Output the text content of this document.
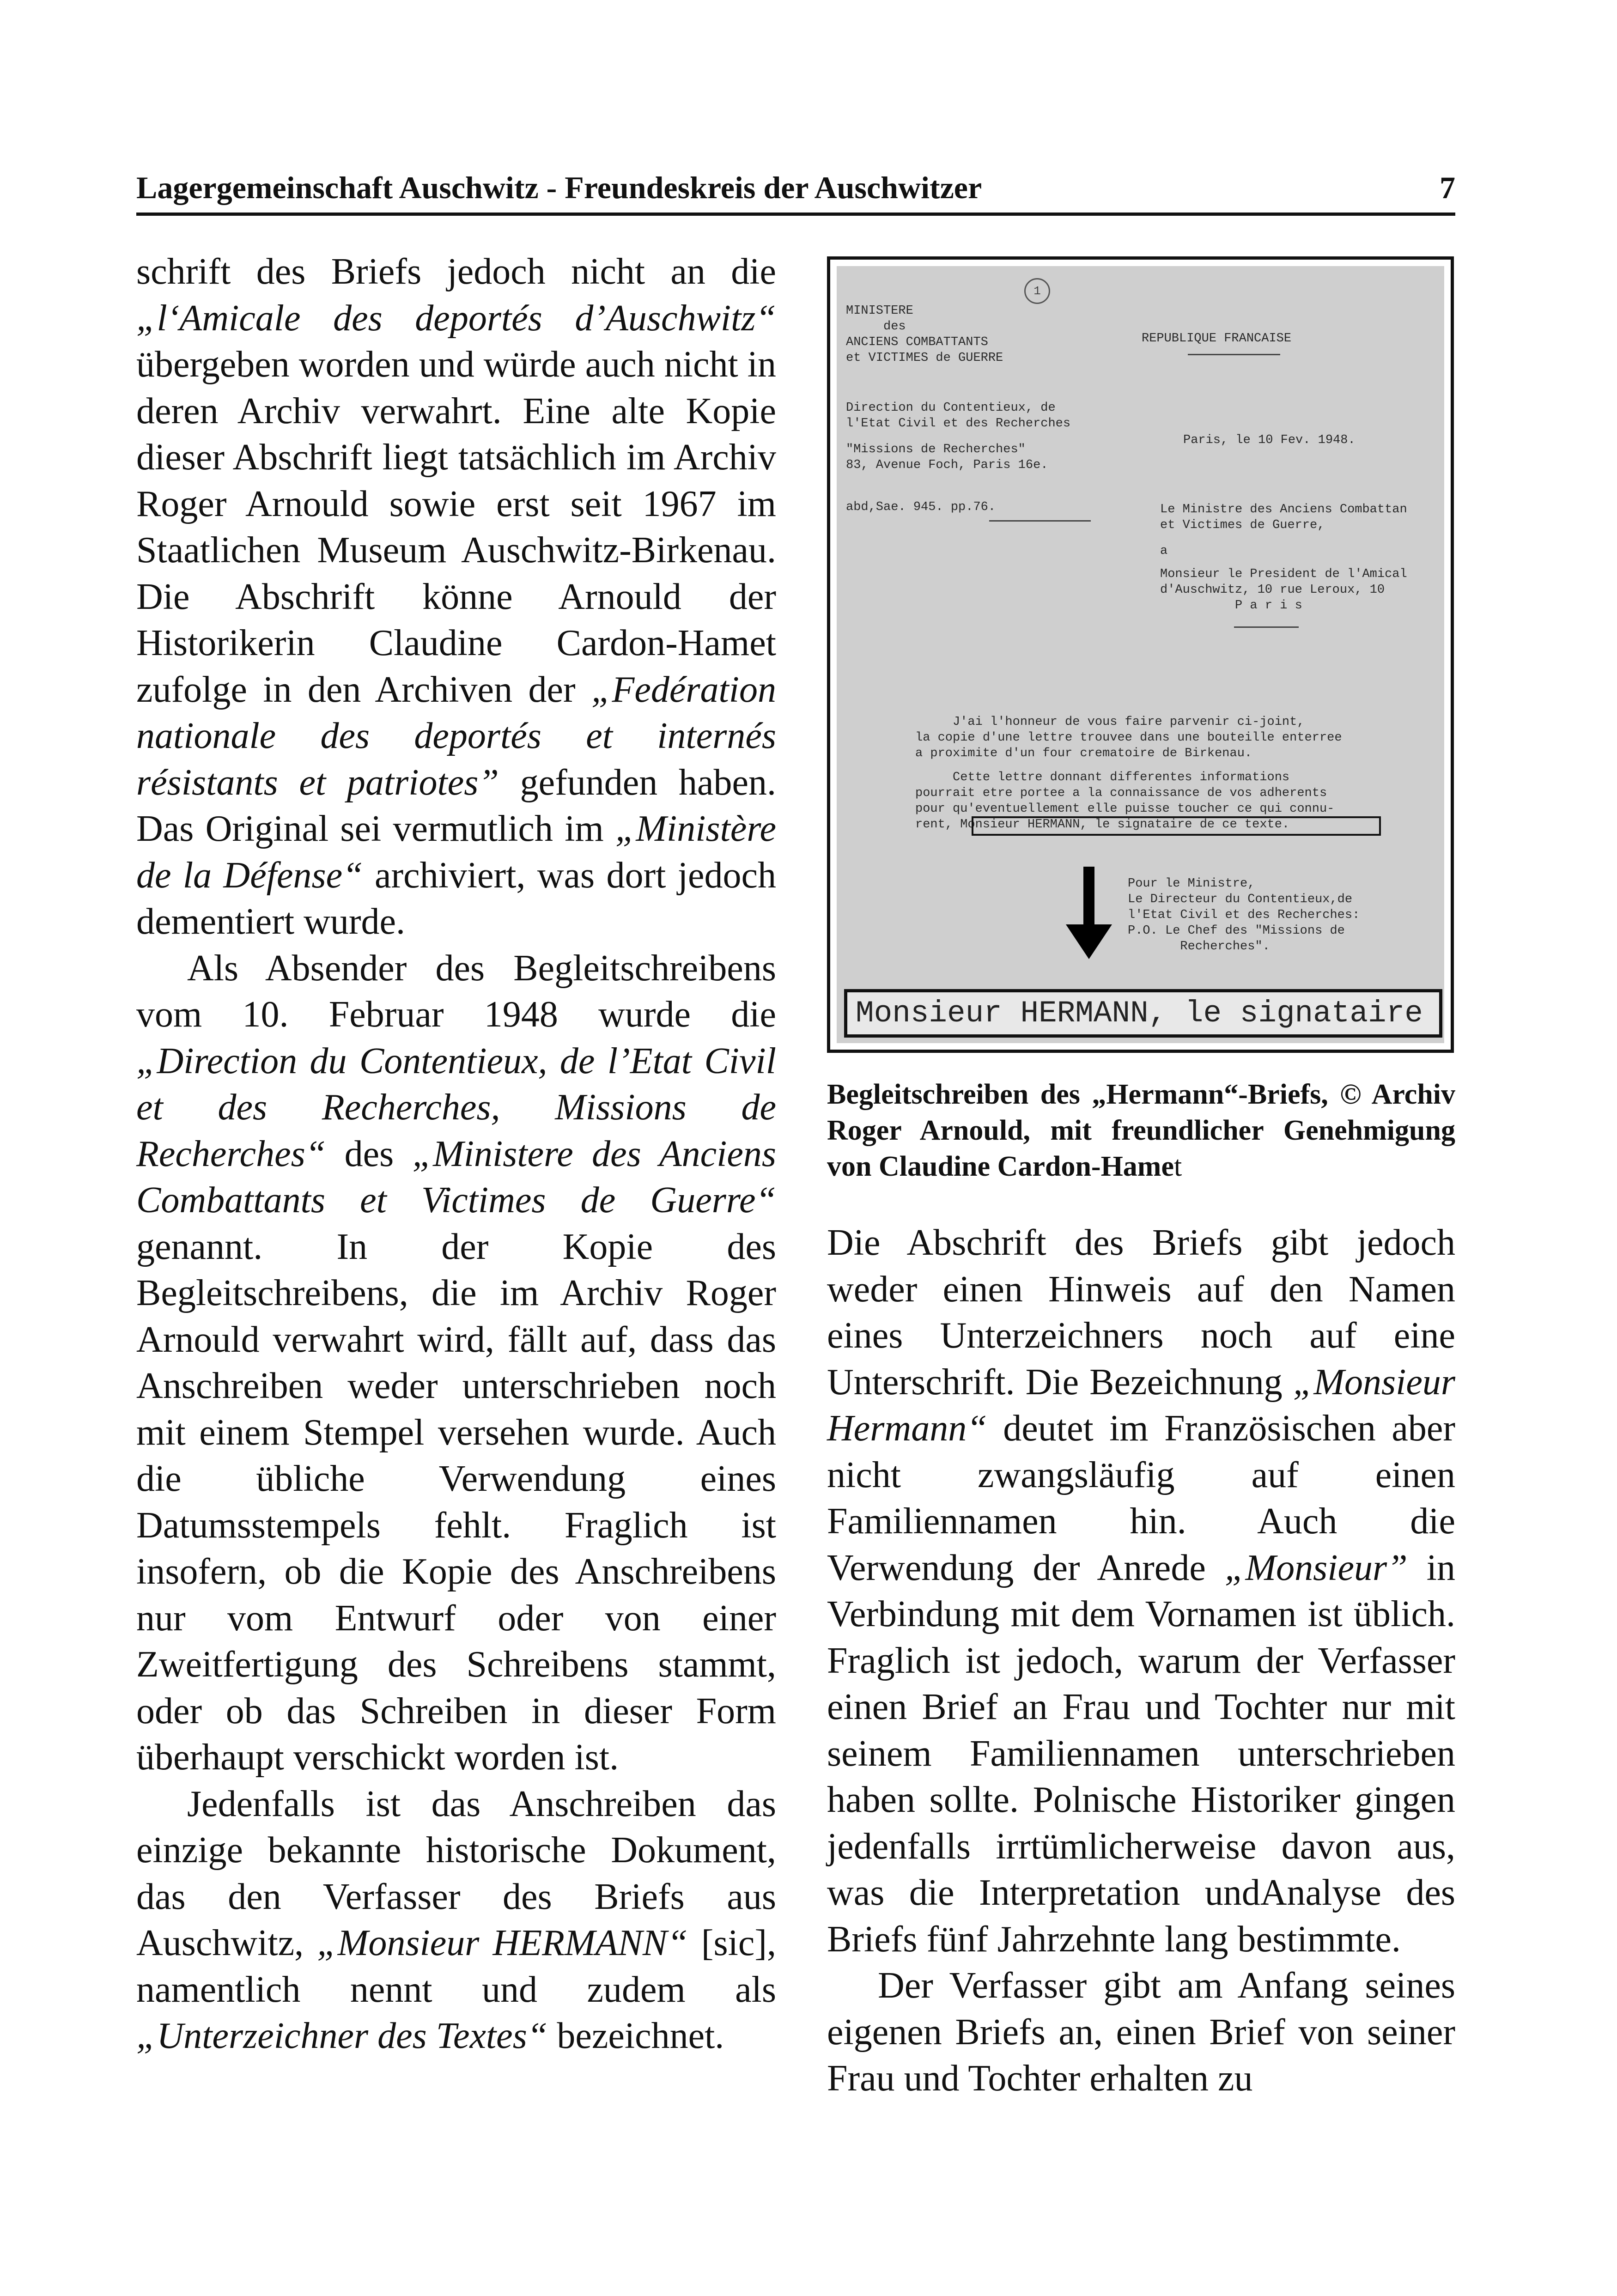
Lagergemeinschaft Auschwitz - Freundeskreis der Auschwitzer	7

schrift des Briefs jedoch nicht an die „l‘Amicale des deportés d’Auschwitz“ übergeben worden und würde auch nicht in deren Archiv verwahrt. Eine alte Kopie dieser Abschrift liegt tatsächlich im Archiv Roger Arnould sowie erst seit 1967 im Staatlichen Museum Auschwitz-Birkenau. Die Abschrift könne Arnould der Historikerin Claudine Cardon-Hamet zufolge in den Archiven der „Fedération nationale des deportés et internés résistants et patriotes” gefunden haben. Das Original sei vermutlich im „Ministère de la Défense“ archiviert, was dort jedoch dementiert wurde.

Als Absender des Begleitschreibens vom 10. Februar 1948 wurde die „Direction du Contentieux, de l’Etat Civil et des Recherches, Missions de Recherches“ des „Ministere des Anciens Combattants et Victimes de Guerre“ genannt. In der Kopie des Begleitschreibens, die im Archiv Roger Arnould verwahrt wird, fällt auf, dass das Anschreiben weder unterschrieben noch mit einem Stempel versehen wurde. Auch die übliche Verwendung eines Datumsstempels fehlt. Fraglich ist insofern, ob die Kopie des Anschreibens nur vom Entwurf oder von einer Zweitfertigung des Schreibens stammt, oder ob das Schreiben in dieser Form überhaupt verschickt worden ist.

Jedenfalls ist das Anschreiben das einzige bekannte historische Dokument, das den Verfasser des Briefs aus Auschwitz, „Monsieur HERMANN“ [sic], namentlich nennt und zudem als „Unterzeichner des Textes“ bezeichnet.

1
MINISTERE
des
ANCIENS COMBATTANTS
et VICTIMES de GUERRE
REPUBLIQUE FRANCAISE
Direction du Contentieux, de
l'Etat Civil et des Recherches
"Missions de Recherches"
83, Avenue Foch, Paris 16e.
Paris, le 10 Fev. 1948.
abd,Sae. 945. pp.76.	Le Ministre des Anciens Combattan
et Victimes de Guerre,
a
Monsieur le President de l'Amical
d'Auschwitz, 10 rue Leroux, 10
P a r i s
J'ai l'honneur de vous faire parvenir ci-joint,
la copie d'une lettre trouvee dans une bouteille enterree
a proximite d'un four crematoire de Birkenau.
Cette lettre donnant differentes informations
pourrait etre portee a la connaissance de vos adherents
pour qu'eventuellement elle puisse toucher ce qui connu-
rent, Monsieur HERMANN, le signataire de ce texte.
Pour le Ministre,
Le Directeur du Contentieux,de
l'Etat Civil et des Recherches:
P.O. Le Chef des "Missions de
Recherches".
Monsieur HERMANN, le signataire
Begleitschreiben des „Hermann“-Briefs, © Archiv Roger Arnould, mit freundlicher Genehmigung von Claudine Cardon-Hamet

Die Abschrift des Briefs gibt jedoch weder einen Hinweis auf den Namen eines Unterzeichners noch auf eine Unterschrift. Die Bezeichnung „Monsieur Hermann“ deutet im Französischen aber nicht zwangsläufig auf einen Familiennamen hin. Auch die Verwendung der Anrede „Monsieur” in Verbindung mit dem Vornamen ist üblich. Fraglich ist jedoch, warum der Verfasser einen Brief an Frau und Tochter nur mit seinem Familiennamen unterschrieben haben sollte. Polnische Historiker gingen jedenfalls irrtümlicherweise davon aus, was die Interpretation undAnalyse des Briefs fünf Jahrzehnte lang bestimmte.

Der Verfasser gibt am Anfang seines eigenen Briefs an, einen Brief von seiner Frau und Tochter erhalten zu
